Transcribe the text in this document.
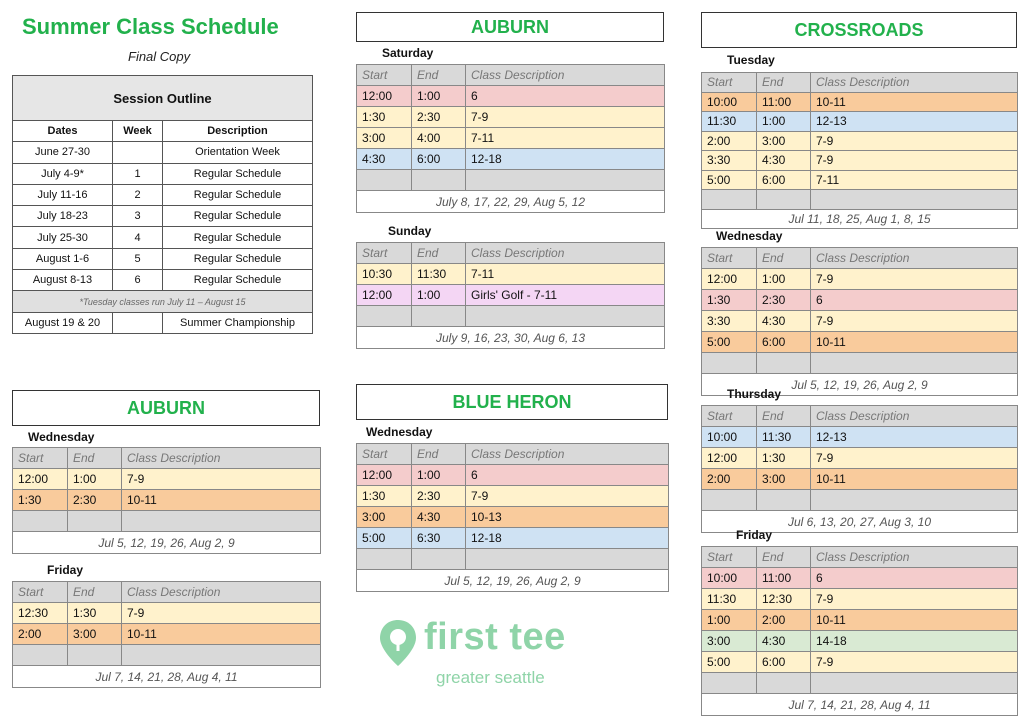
Summer Class Schedule
Final Copy
Session Outline		
Dates	Week	Description
June 27-30		Orientation Week
July 4-9*	1	Regular Schedule
July 11-16	2	Regular Schedule
July 18-23	3	Regular Schedule
July 25-30	4	Regular Schedule
August 1-6	5	Regular Schedule
August 8-13	6	Regular Schedule
*Tuesday classes run July 11 – August 15		
August 19 & 20		Summer Championship
AUBURN
Saturday
Start	End	Class Description
12:00	1:00	6
1:30	2:30	7-9
3:00	4:00	7-11
4:30	6:00	12-18

July 8, 17, 22, 29, Aug 5, 12		
Sunday
Start	End	Class Description
10:30	11:30	7-11
12:00	1:00	Girls' Golf - 7-11

July 9, 16, 23, 30, Aug 6, 13		
AUBURN
Wednesday
Start	End	Class Description
12:00	1:00	7-9
1:30	2:30	10-11

Jul 5, 12, 19, 26, Aug 2, 9		
Friday
Start	End	Class Description
12:30	1:30	7-9
2:00	3:00	10-11

Jul 7, 14, 21, 28, Aug 4, 11		
BLUE HERON
Wednesday
Start	End	Class Description
12:00	1:00	6
1:30	2:30	7-9
3:00	4:30	10-13
5:00	6:30	12-18

Jul 5, 12, 19, 26, Aug 2, 9		
CROSSROADS
Tuesday
Start	End	Class Description
10:00	11:00	10-11
11:30	1:00	12-13
2:00	3:00	7-9
3:30	4:30	7-9
5:00	6:00	7-11

Jul 11, 18, 25, Aug 1, 8, 15		
Wednesday
Start	End	Class Description
12:00	1:00	7-9
1:30	2:30	6
3:30	4:30	7-9
5:00	6:00	10-11

Jul 5, 12, 19, 26, Aug 2, 9		
Thursday
Start	End	Class Description
10:00	11:30	12-13
12:00	1:30	7-9
2:00	3:00	10-11

Jul 6, 13, 20, 27, Aug 3, 10		
Friday
Start	End	Class Description
10:00	11:00	6
11:30	12:30	7-9
1:00	2:00	10-11
3:00	4:30	14-18
5:00	6:00	7-9

Jul 7, 14, 21, 28, Aug 4, 11		
first tee
greater seattle
